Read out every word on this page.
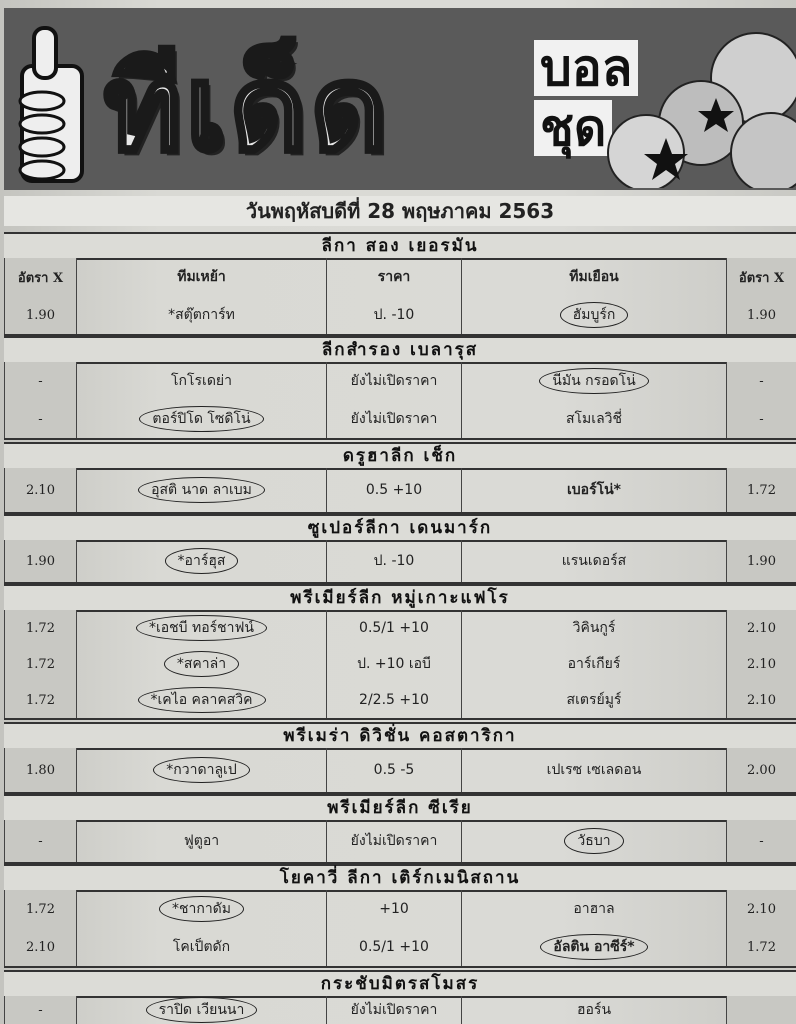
ทีเด็ด	บอล
ชุด
วันพฤหัสบดีที่ 28 พฤษภาคม 2563
ลีกา สอง เยอรมัน
อัตรา X	ทีมเหย้า	ราคา	ทีมเยือน	อัตรา X
1.90	*สตุ๊ตการ์ท	ป. -10	ฮัมบูร์ก	1.90
ลีกสำรอง เบลารุส
-	โกโรเดย่า	ยังไม่เปิดราคา	นีมัน กรอดโน่	-
-	ตอร์ปิโด โซดิโน่	ยังไม่เปิดราคา	สโมเลวิชี่	-
ดรูฮาลีก เช็ก
2.10	อุสติ นาด ลาเบม	0.5 +10	เบอร์โน่*	1.72
ซูเปอร์ลีกา เดนมาร์ก
1.90	*อาร์ฮุส	ป. -10	แรนเดอร์ส	1.90
พรีเมียร์ลีก หมู่เกาะแฟโร
1.72	*เอชบี ทอร์ชาฟน์	0.5/1 +10	วิคินกูร์	2.10
1.72	*สคาล่า	ป. +10 เอบี	อาร์เกียร์	2.10
1.72	*เคไอ คลาคสวิค	2/2.5 +10	สเตรย์มูร์	2.10
พรีเมร่า ดิวิชั่น คอสตาริกา
1.80	*กวาดาลูเป	0.5 -5	เปเรซ เซเลดอน	2.00
พรีเมียร์ลีก ซีเรีย
-	ฟูตูอา	ยังไม่เปิดราคา	วัธบา	-
โยคาวี่ ลีกา เติร์กเมนิสถาน
1.72	*ชากาดัม	+10	อาฮาล	2.10
2.10	โคเป็ตดัก	0.5/1 +10	อัลติน อาซีร์*	1.72
กระชับมิตรสโมสร
-	ราปิด เวียนนา	ยังไม่เปิดราคา	ฮอร์น	
